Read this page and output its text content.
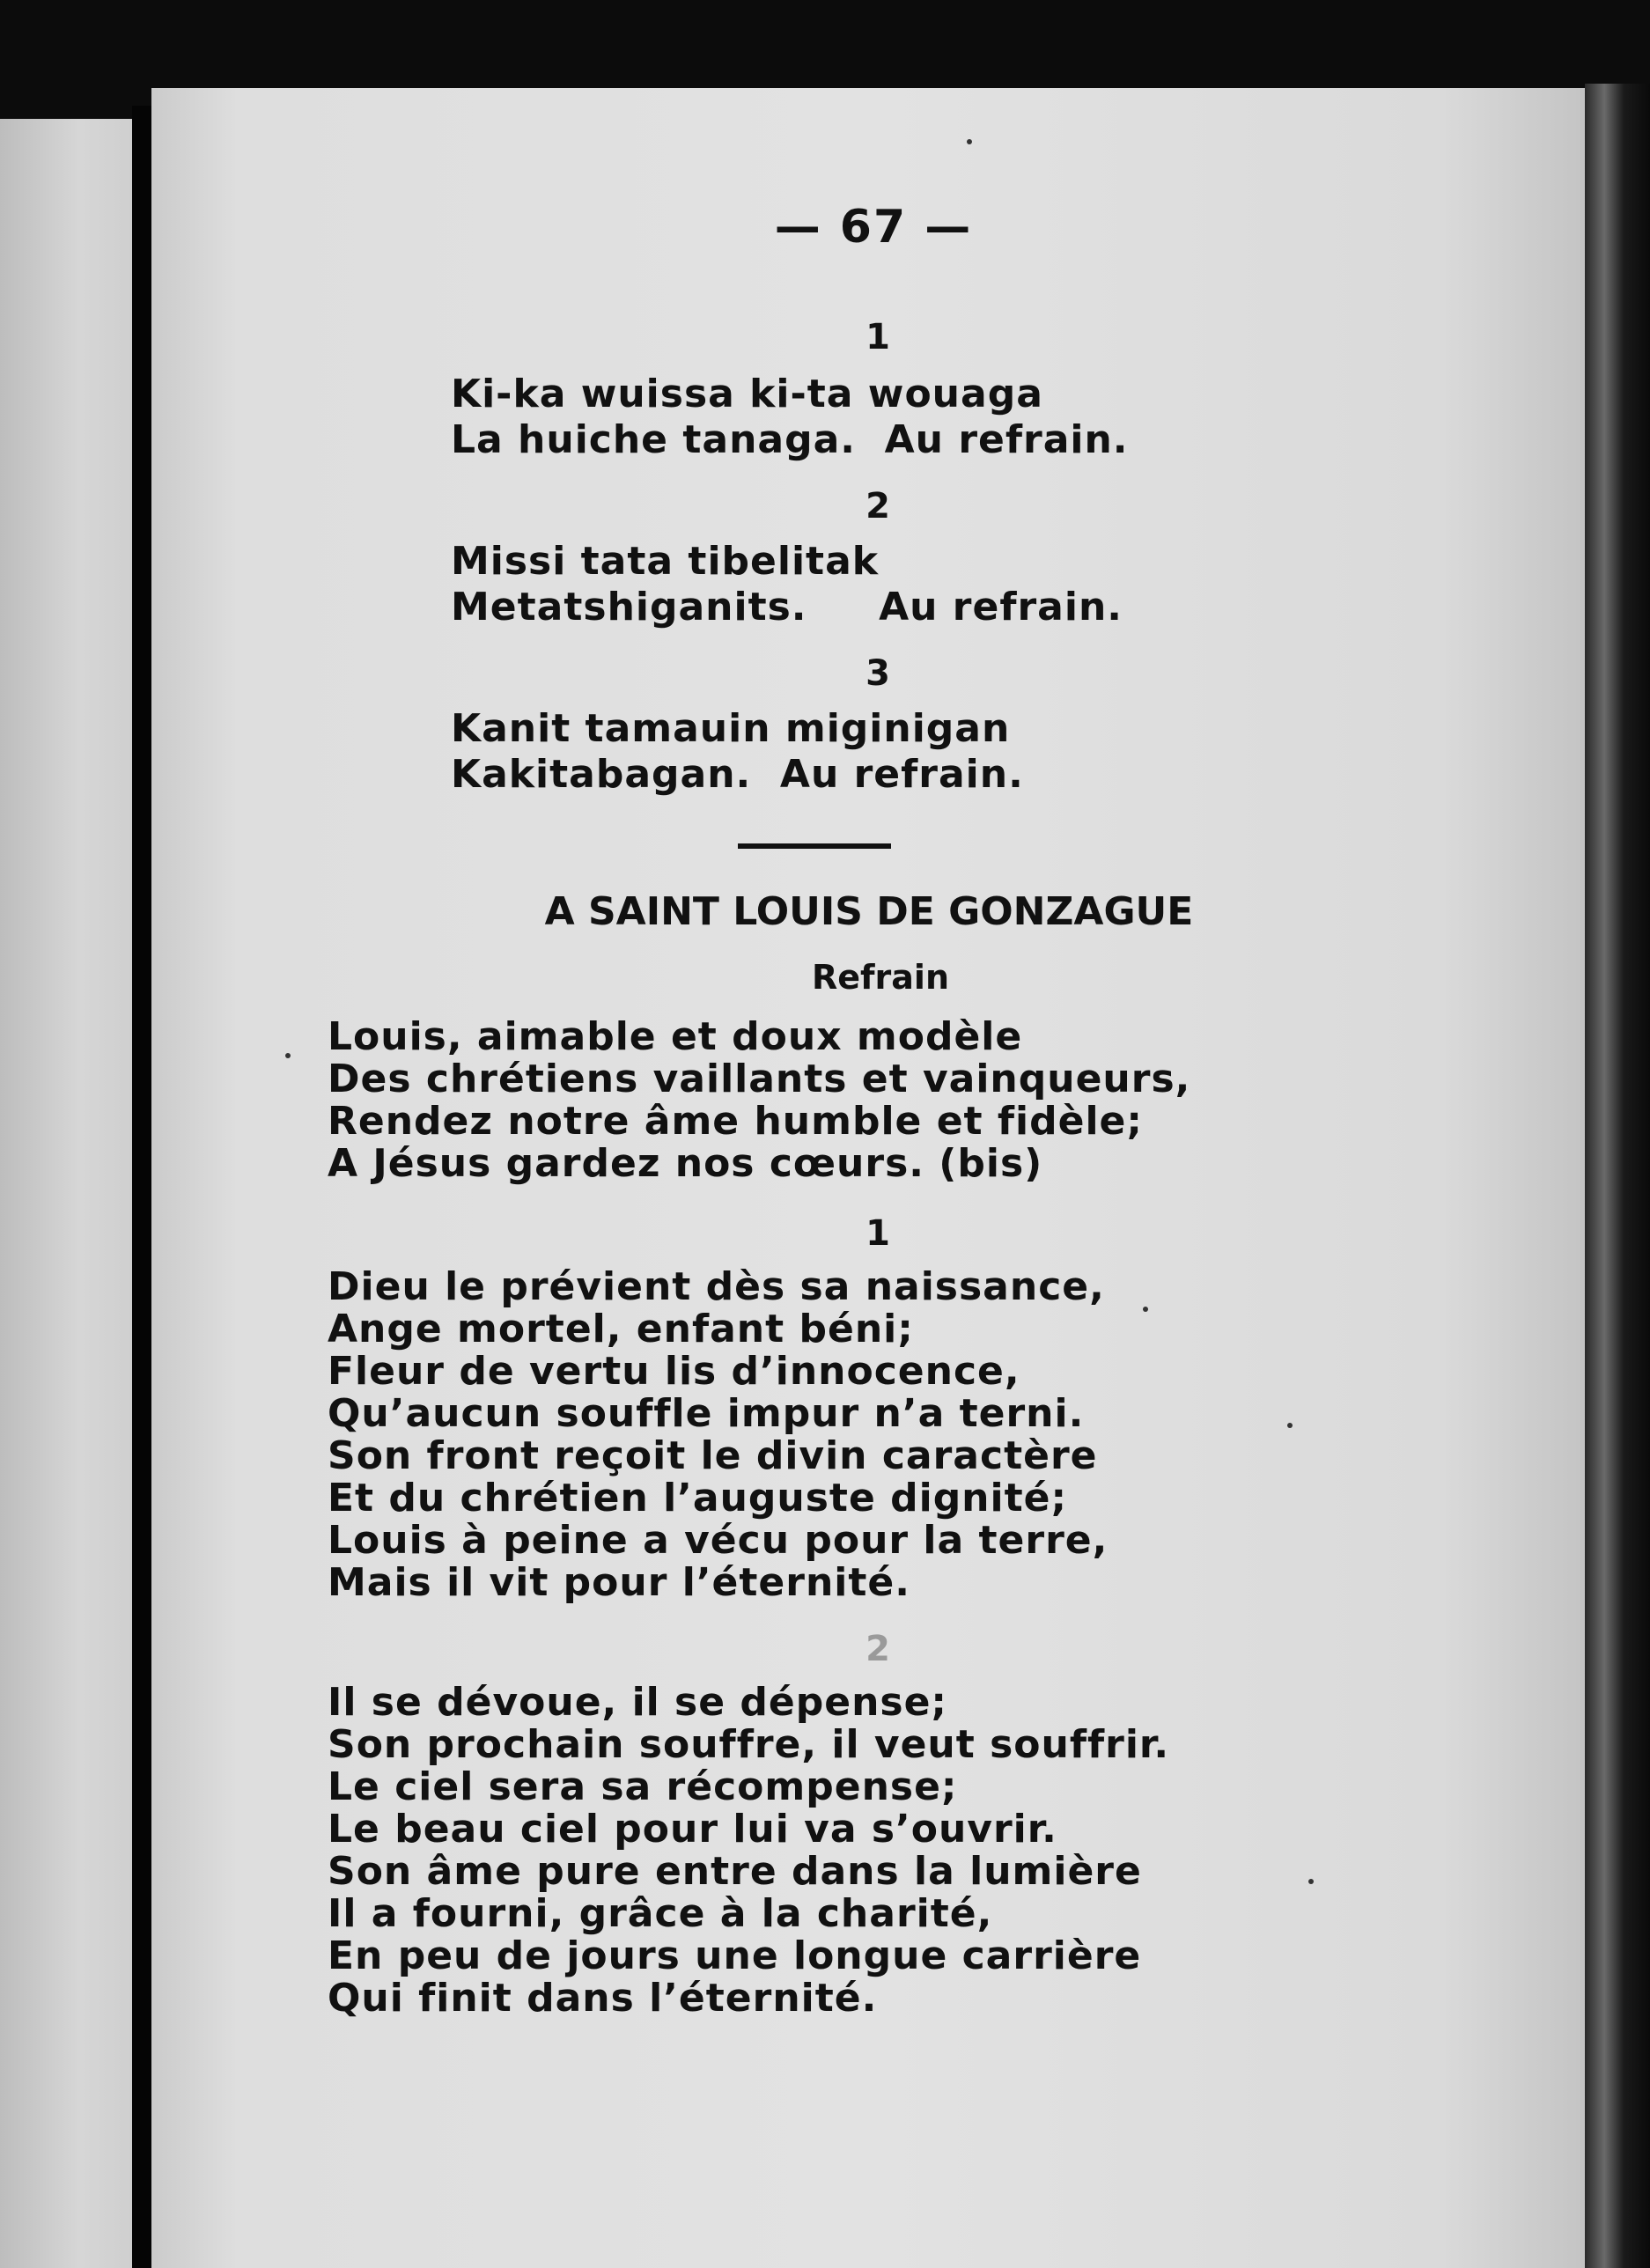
— 67 —
1
Ki-ka wuissa ki-ta wouaga
La huiche tanaga.  Au refrain.
2
Missi tata tibelitak
Metatshiganits.     Au refrain.
3
Kanit tamauin miginigan
Kakitabagan.  Au refrain.
A SAINT LOUIS DE GONZAGUE
Refrain
Louis, aimable et doux modèle
Des chrétiens vaillants et vainqueurs,
Rendez notre âme humble et fidèle;
A Jésus gardez nos cœurs. (bis)
1
Dieu le prévient dès sa naissance,
Ange mortel, enfant béni;
Fleur de vertu lis d’innocence,
Qu’aucun souffle impur n’a terni.
Son front reçoit le divin caractère
Et du chrétien l’auguste dignité;
Louis à peine a vécu pour la terre,
Mais il vit pour l’éternité.
2
Il se dévoue, il se dépense;
Son prochain souffre, il veut souffrir.
Le ciel sera sa récompense;
Le beau ciel pour lui va s’ouvrir.
Son âme pure entre dans la lumière
Il a fourni, grâce à la charité,
En peu de jours une longue carrière
Qui finit dans l’éternité.
